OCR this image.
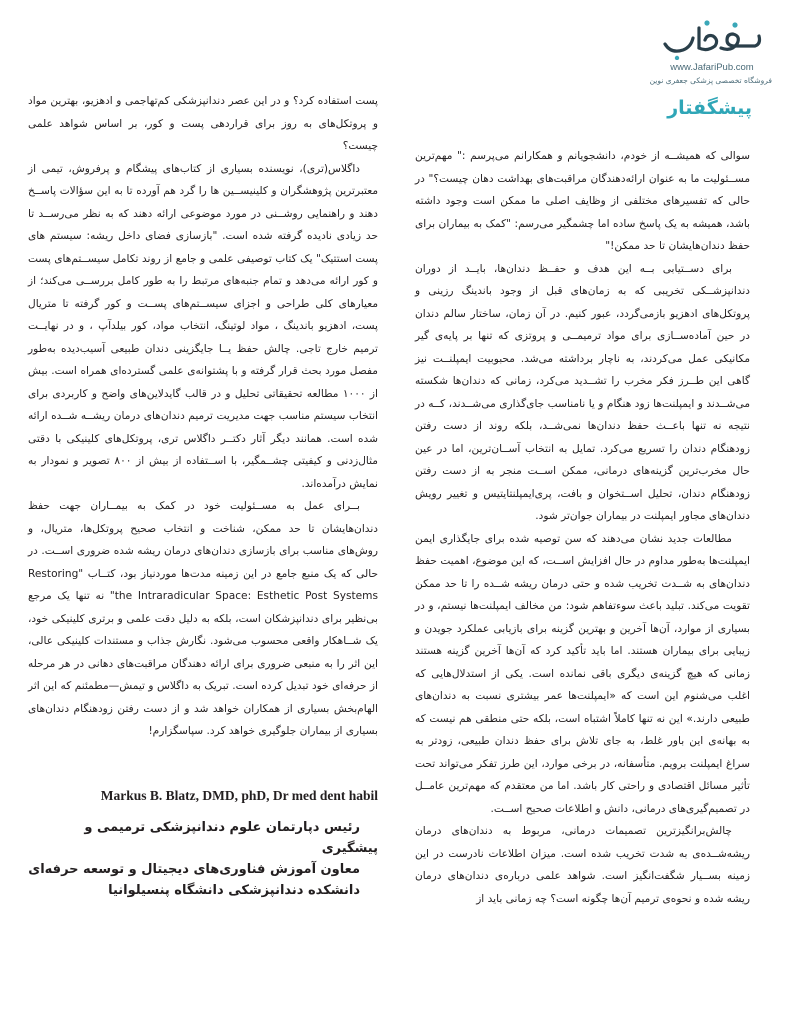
www.JafariPub.com
فروشگاه تخصصی پزشکی جعفری نوین
پیشگفتار

سوالی که همیشــه از خودم، دانشجویانم و همکارانم می‌پرسم :" مهم‌ترین مســئولیت ما به عنوان ارائه‌دهندگان مراقبت‌های بهداشت دهان چیست؟" در حالی که تفسیرهای مختلفی از وظایف اصلی ما ممکن است وجود داشته باشد، همیشه به یک پاسخ ساده اما چشمگیر می‌رسم: "کمک به بیماران برای حفظ دندان‌هایشان تا حد ممکن!"

برای دســتیابی بــه این هدف و حفــظ دندان‌ها، بایــد از دوران دندانپزشــکی تخریبی که به زمان‌های قبل از وجود باندینگ رزینی و پروتکل‌های ادهزیو بازمی‌گردد، عبور کنیم. در آن زمان، ساختار سالم دندان در حین آماده‌ســازی برای مواد ترمیمــی و پروتزی که تنها بر پایه‌ی گیر مکانیکی عمل می‌کردند، به ناچار برداشته می‌شد. محبوبیت ایمپلنــت نیز گاهی این طــرز فکر مخرب را تشــدید می‌کرد، زمانی که دندان‌ها شکسته می‌شــدند و ایمپلنت‌ها زود هنگام و یا نامناسب جای‌گذاری می‌شــدند، کــه در نتیجه نه تنها باعــث حفظ دندان‌ها نمی‌شــد، بلکه روند از دست رفتن زودهنگام دندان را تسریع می‌کرد. تمایل به انتخاب آســان‌ترین، اما در عین حال مخرب‌ترین گزینه‌های درمانی، ممکن اســت منجر به از دست رفتن زودهنگام دندان، تحلیل اســتخوان و بافت، پری‌ایمپلنتایتیس و تغییر رویش دندان‌های مجاور ایمپلنت در بیماران جوان‌تر شود.

مطالعات جدید نشان می‌دهند که سن توصیه شده برای جایگذاری ایمن ایمپلنت‌ها به‌طور مداوم در حال افزایش اســت، که این موضوع، اهمیت حفظ دندان‌های به شــدت تخریب شده و حتی درمان ریشه شــده را تا حد ممکن تقویت می‌کند. تبلید باعث سوءتفاهم شود: من مخالف ایمپلنت‌ها نیستم، و در بسیاری از موارد، آن‌ها آخرین و بهترین گزینه برای بازیابی عملکرد جویدن و زیبایی برای بیماران هستند. اما باید تأکید کرد که آن‌ها آخرین گزینه هستند زمانی که هیچ گزینه‌ی دیگری باقی نمانده است. یکی از استدلال‌هایی که اغلب می‌شنوم این است که «ایمپلنت‌ها عمر بیشتری نسبت به دندان‌های طبیعی دارند.» این نه تنها کاملاً اشتباه است، بلکه حتی منطقی هم نیست که به بهانه‌ی این باور غلط، به جای تلاش برای حفظ دندان طبیعی، زودتر به سراغ ایمپلنت برویم. متأسفانه، در برخی موارد، این طرز تفکر می‌تواند تحت تأثیر مسائل اقتصادی و راحتی کار باشد. اما من معتقدم که مهم‌ترین عامــل در تصمیم‌گیری‌های درمانی، دانش و اطلاعات صحیح اســت.

چالش‌برانگیزترین تصمیمات درمانی، مربوط به دندان‌های درمان ریشه‌شــده‌ی به شدت تخریب شده است. میزان اطلاعات نادرست در این زمینه بســیار شگفت‌انگیز است. شواهد علمی درباره‌ی دندان‌های درمان ریشه شده و نحوه‌ی ترمیم آن‌ها چگونه است؟ چه زمانی باید از

پست استفاده کرد؟ و در این عصر دندانپزشکی کم‌تهاجمی و ادهزیو، بهترین مواد و پروتکل‌های به روز برای قراردهی پست و کور، بر اساس شواهد علمی چیست؟

داگلاس(تری)، نویسنده بسیاری از کتاب‌های پیشگام و پرفروش، تیمی از معتبرترین پژوهشگران و کلینیســین ها را گرد هم آورده تا به این سؤالات پاســخ دهند و راهنمایی روشــنی در مورد موضوعی ارائه دهند که به نظر می‌رســد تا حد زیادی نادیده گرفته شده است. "بازسازی فضای داخل ریشه: سیستم‌ های پست استتیک" یک کتاب توصیفی علمی و جامع از روند تکامل سیســتم‌های پست و کور ارائه می‌دهد و تمام جنبه‌های مرتبط را به طور کامل بررســی می‌کند؛ از معیارهای کلی طراحی و اجزای سیســتم‌های پســت و کور گرفته تا متریال پست، ادهزیو باندینگ ، مواد لوتینگ، انتخاب مواد، کور بیلدآپ ، و در نهایــت ترمیم خارج تاجی. چالش حفظ یــا جایگزینی دندان طبیعی آسیب‌دیده به‌طور مفصل مورد بحث قرار گرفته و با پشتوانه‌ی علمی گسترده‌ای همراه است. بیش از ۱۰۰۰ مطالعه تحقیقاتی تحلیل و در قالب گایدلاین‌های واضح و کاربردی برای انتخاب سیستم مناسب جهت مدیریت ترمیم دندان‌های درمان ریشــه شــده ارائه شده است. همانند دیگر آثار دکتــر داگلاس تری، پروتکل‌های کلینیکی با دقتی مثال‌زدنی و کیفیتی چشــمگیر، با اســتفاده از بیش از ۸۰۰ تصویر و نمودار به نمایش درآمده‌اند.

بــرای عمل به مســئولیت خود در کمک به بیمــاران جهت حفظ دندان‌هایشان تا حد ممکن، شناخت و انتخاب صحیح پروتکل‌ها، متریال، و روش‌های مناسب برای بازسازی دندان‌های درمان ریشه شده ضروری اســت. در حالی که یک منبع جامع در این زمینه مدت‌ها موردنیاز بود، کتــاب "Restoring the Intraradicular Space: Esthetic Post Systems" نه تنها یک مرجع بی‌نظیر برای دندانپزشکان است، بلکه به دلیل دقت علمی و برتری کلینیکی خود، یک شــاهکار واقعی محسوب می‌شود. نگارش جذاب و مستندات کلینیکی عالی، این اثر را به منبعی ضروری برای ارائه دهندگان مراقبت‌های دهانی در هر مرحله از حرفه‌ای خود تبدیل کرده است. تبریک به داگلاس و تیمش—مطمئنم که این اثر الهام‌بخش بسیاری از همکاران خواهد شد و از دست رفتن زودهنگام دندان‌های بسیاری از بیماران جلوگیری خواهد کرد. سپاسگزارم!

Markus B. Blatz, DMD, phD, Dr med dent habil

رئیس دپارتمان علوم دندانپزشکی ترمیمی و پیشگیری

معاون آموزش فناوری‌های دیجیتال و توسعه حرفه‌ای

دانشکده دندانپزشکی دانشگاه پنسیلوانیا
